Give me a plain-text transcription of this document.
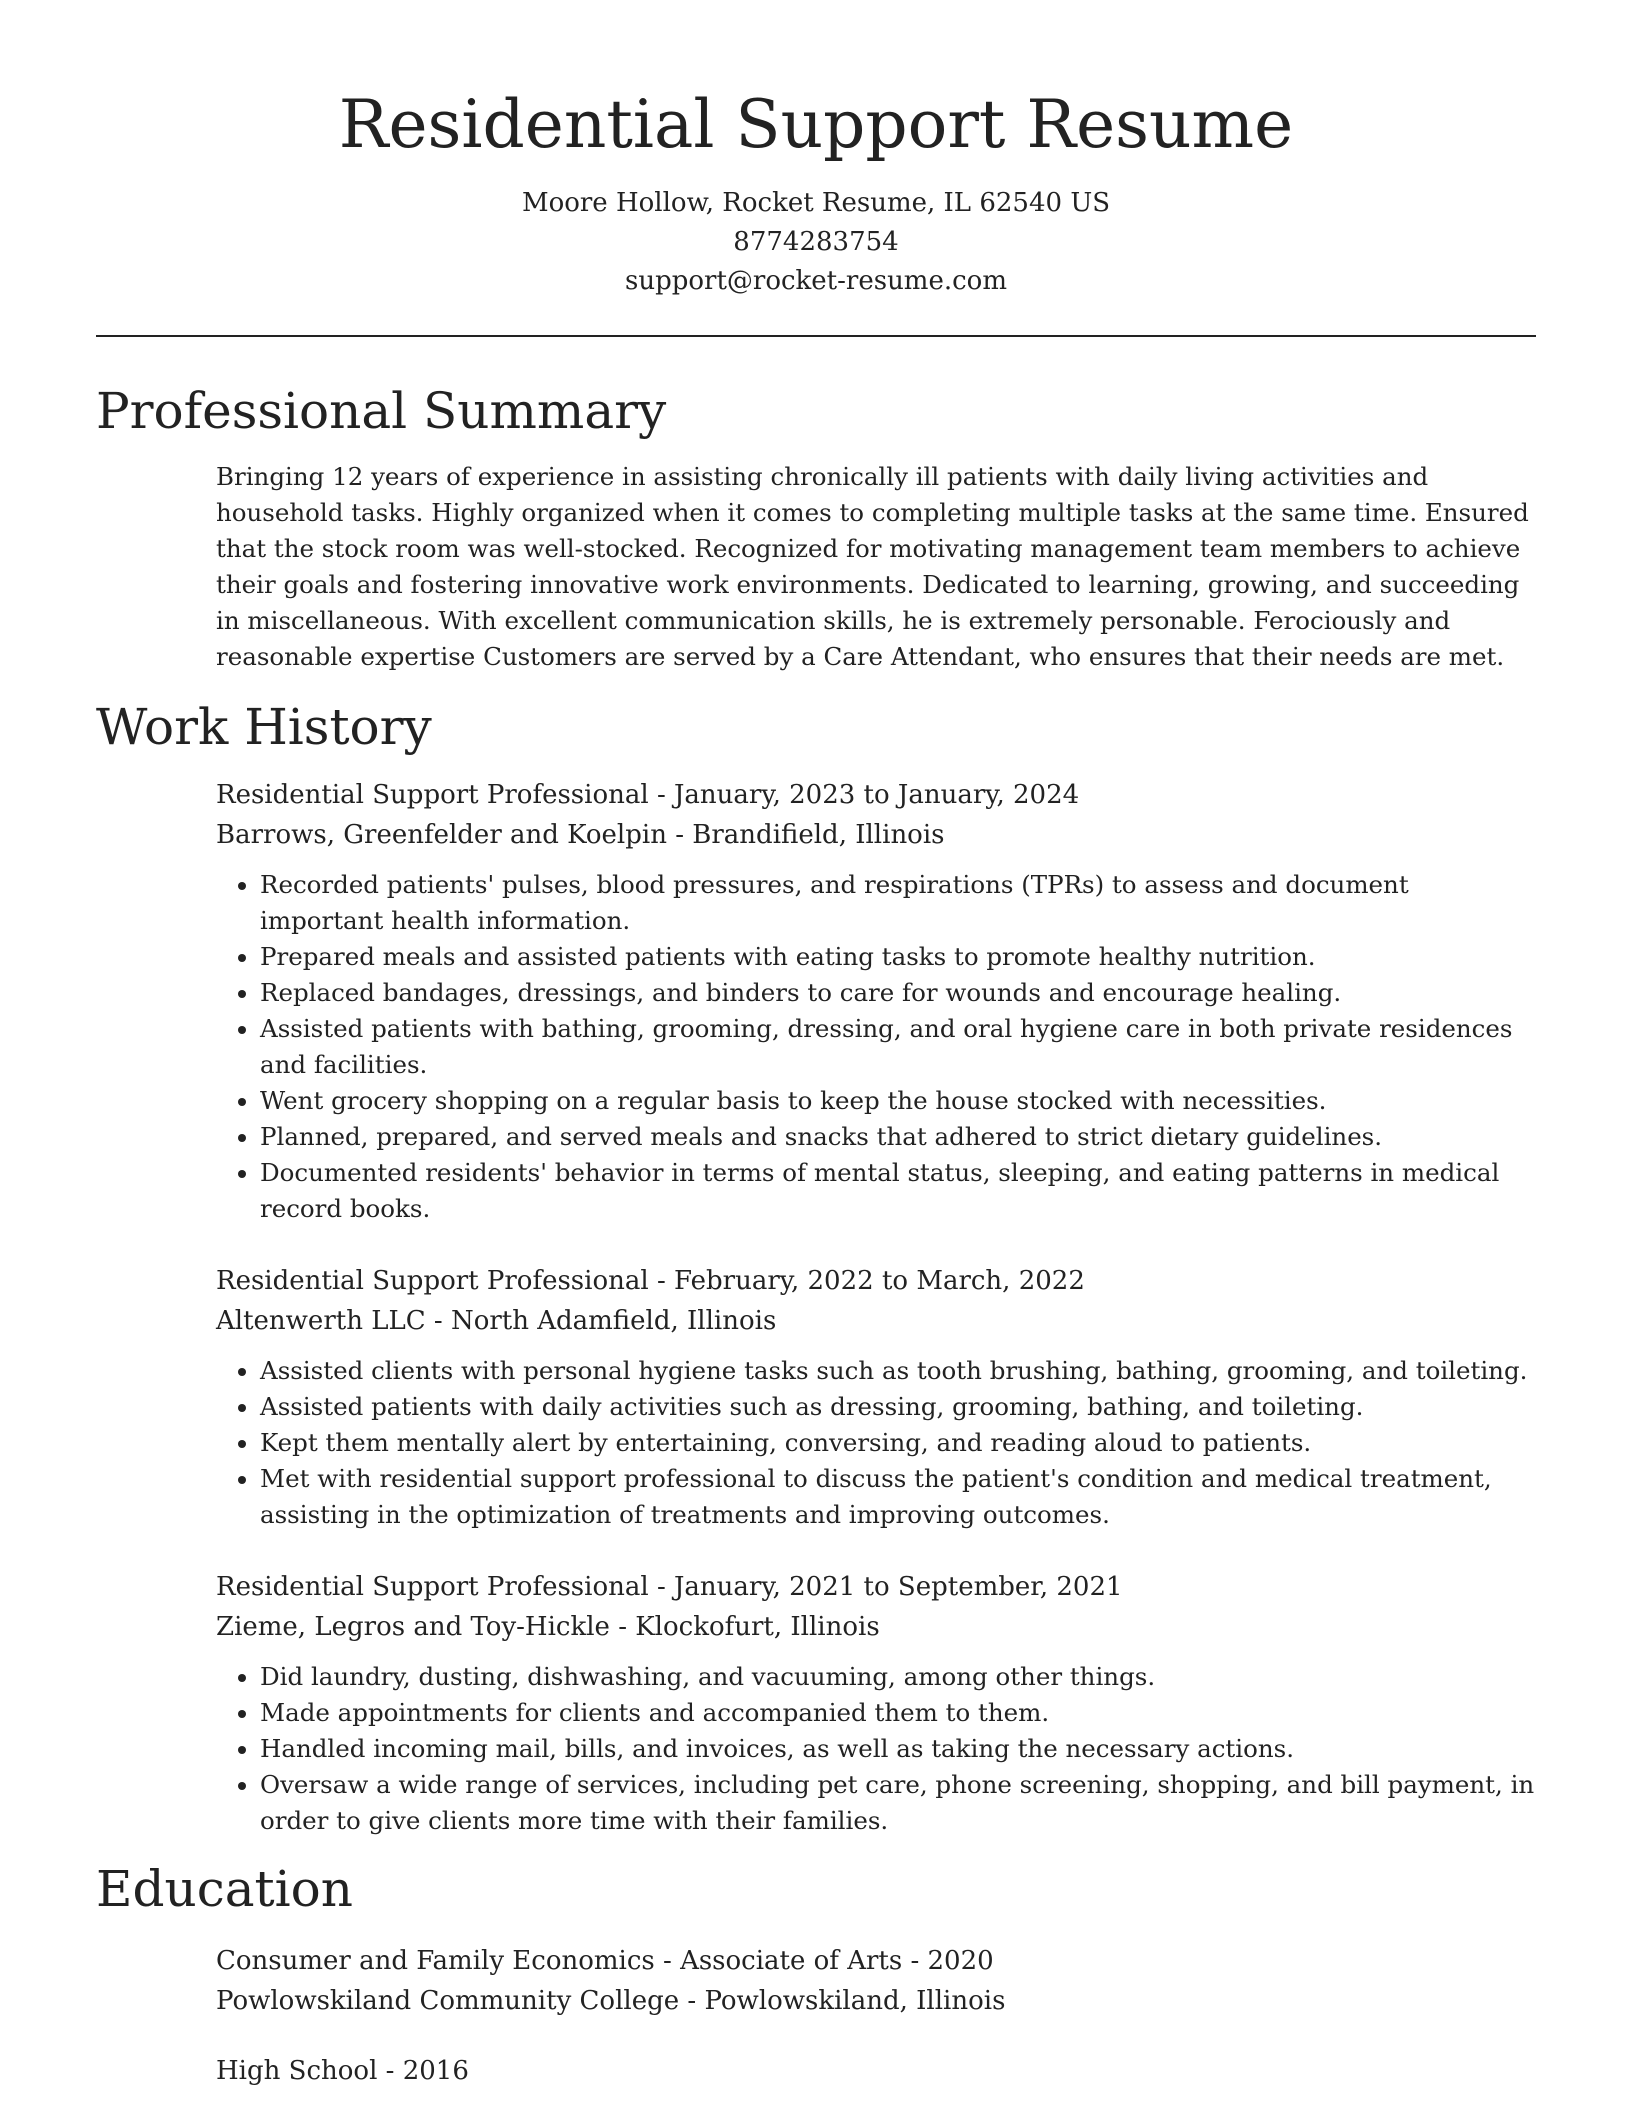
Residential Support Resume
Moore Hollow, Rocket Resume, IL 62540 US
8774283754
support@rocket-resume.com
Professional Summary
Bringing 12 years of experience in assisting chronically ill patients with daily living activities and household tasks. Highly organized when it comes to completing multiple tasks at the same time. Ensured that the stock room was well-stocked. Recognized for motivating management team members to achieve their goals and fostering innovative work environments. Dedicated to learning, growing, and succeeding in miscellaneous. With excellent communication skills, he is extremely personable. Ferociously and reasonable expertise Customers are served by a Care Attendant, who ensures that their needs are met.
Work History
Residential Support Professional - January, 2023 to January, 2024
Barrows, Greenfelder and Koelpin - Brandifield, Illinois
• Recorded patients' pulses, blood pressures, and respirations (TPRs) to assess and document important health information.
• Prepared meals and assisted patients with eating tasks to promote healthy nutrition.
• Replaced bandages, dressings, and binders to care for wounds and encourage healing.
• Assisted patients with bathing, grooming, dressing, and oral hygiene care in both private residences and facilities.
• Went grocery shopping on a regular basis to keep the house stocked with necessities.
• Planned, prepared, and served meals and snacks that adhered to strict dietary guidelines.
• Documented residents' behavior in terms of mental status, sleeping, and eating patterns in medical record books.
Residential Support Professional - February, 2022 to March, 2022
Altenwerth LLC - North Adamfield, Illinois
• Assisted clients with personal hygiene tasks such as tooth brushing, bathing, grooming, and toileting.
• Assisted patients with daily activities such as dressing, grooming, bathing, and toileting.
• Kept them mentally alert by entertaining, conversing, and reading aloud to patients.
• Met with residential support professional to discuss the patient's condition and medical treatment, assisting in the optimization of treatments and improving outcomes.
Residential Support Professional - January, 2021 to September, 2021
Zieme, Legros and Toy-Hickle - Klockofurt, Illinois
• Did laundry, dusting, dishwashing, and vacuuming, among other things.
• Made appointments for clients and accompanied them to them.
• Handled incoming mail, bills, and invoices, as well as taking the necessary actions.
• Oversaw a wide range of services, including pet care, phone screening, shopping, and bill payment, in order to give clients more time with their families.
Education
Consumer and Family Economics - Associate of Arts - 2020
Powlowskiland Community College - Powlowskiland, Illinois
High School - 2016
